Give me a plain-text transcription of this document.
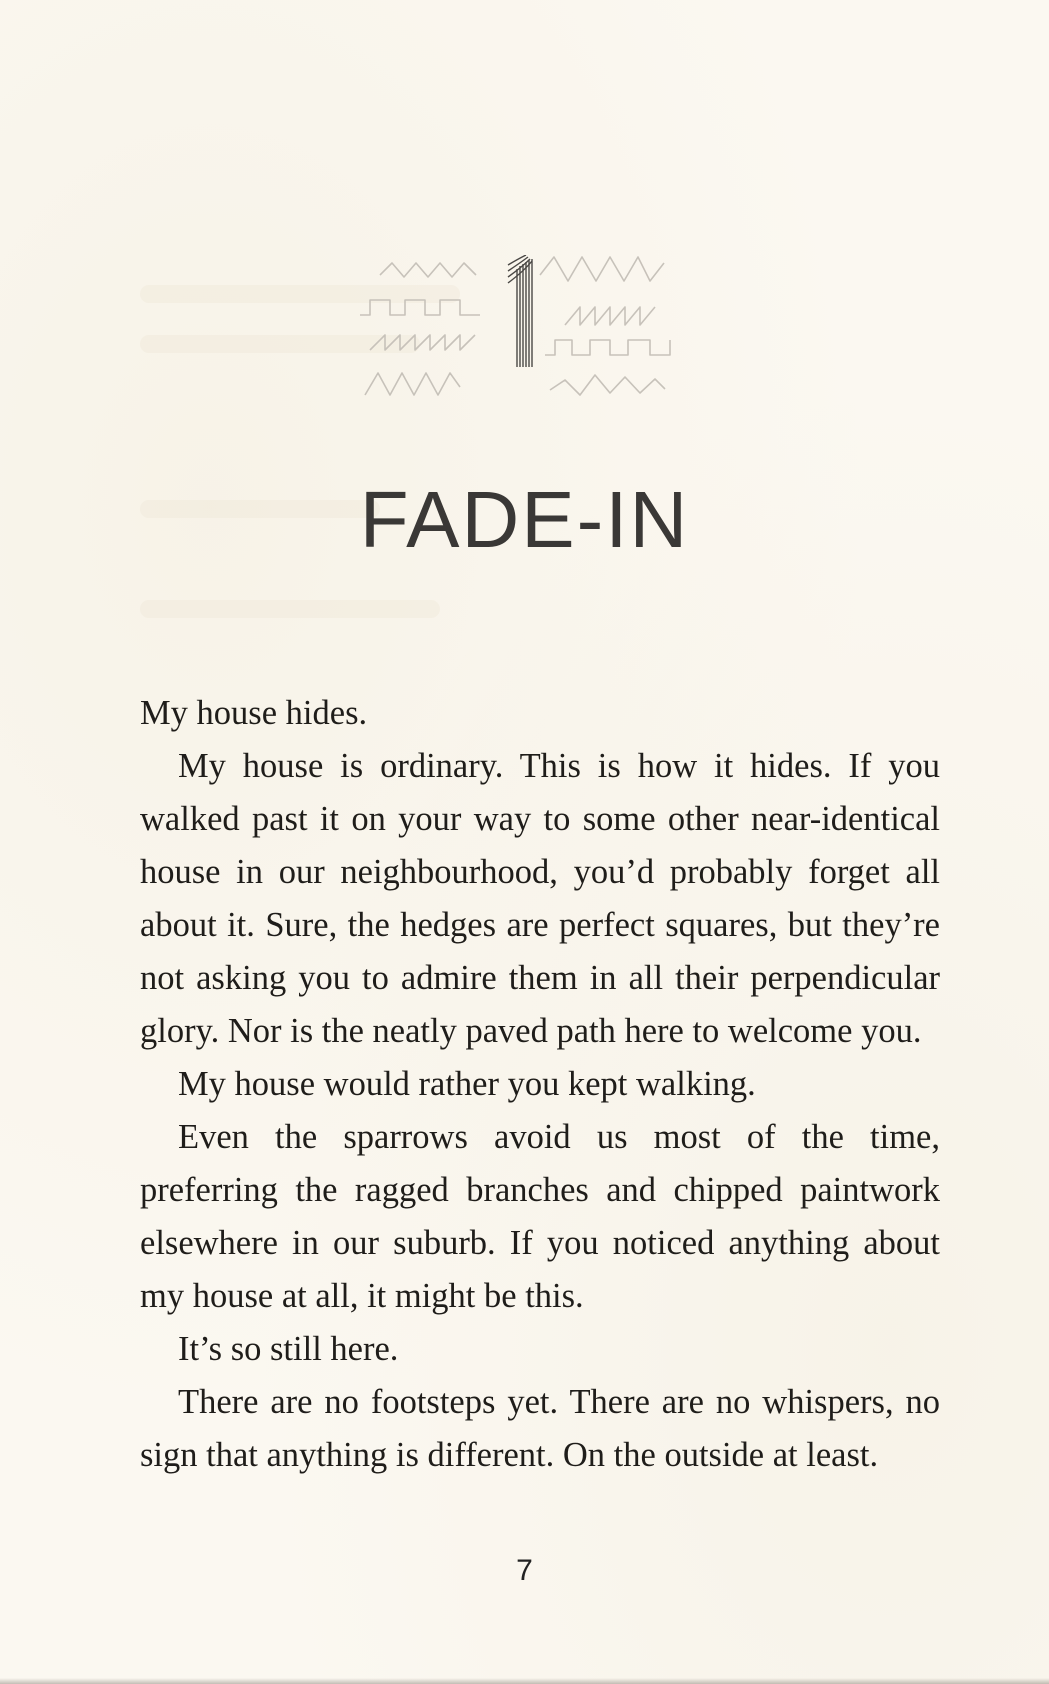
FADE-IN

My house hides.

My house is ordinary. This is how it hides. If you walked past it on your way to some other near-identical house in our neighbourhood, you’d probably forget all about it. Sure, the hedges are perfect squares, but they’re not asking you to admire them in all their perpendicular glory. Nor is the neatly paved path here to welcome you.

My house would rather you kept walking.

Even the sparrows avoid us most of the time, preferring the ragged branches and chipped paintwork elsewhere in our suburb. If you noticed anything about my house at all, it might be this.

It’s so still here.

There are no footsteps yet. There are no whispers, no sign that anything is different. On the outside at least.

7
